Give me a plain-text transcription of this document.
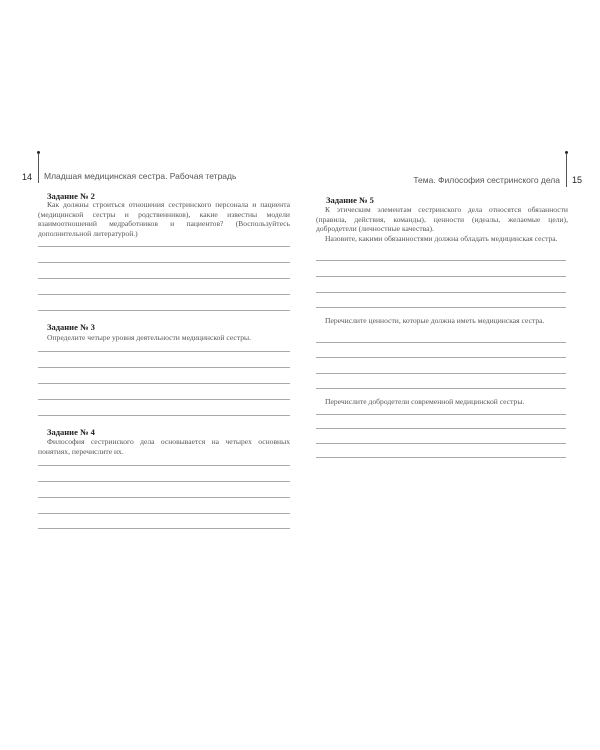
14 Младшая медицинская сестра. Рабочая тетрадь	15
Тема. Философия сестринского дела
Задание № 2
Как должны строиться отношения сестринского персонала и пациента (медицинской сестры и родственников), какие известны модели взаимоотношений медработников и пациентов? (Воспользуйтесь дополнительной литературой.)
Задание № 3
Определите четыре уровня деятельности медицинской сестры.
Задание № 4
Философия сестринского дела основывается на четырех основных понятиях, перечислите их.
Задание № 5
К этическим элементам сестринского дела относятся обязанности (правила, действия, команды), ценности (идеалы, желаемые цели), добродетели (личностные качества).
Назовите, какими обязанностями должна обладать медицинская сестра.
Перечислите ценности, которые должна иметь медицинская сестра.
Перечислите добродетели современной медицинской сестры.
